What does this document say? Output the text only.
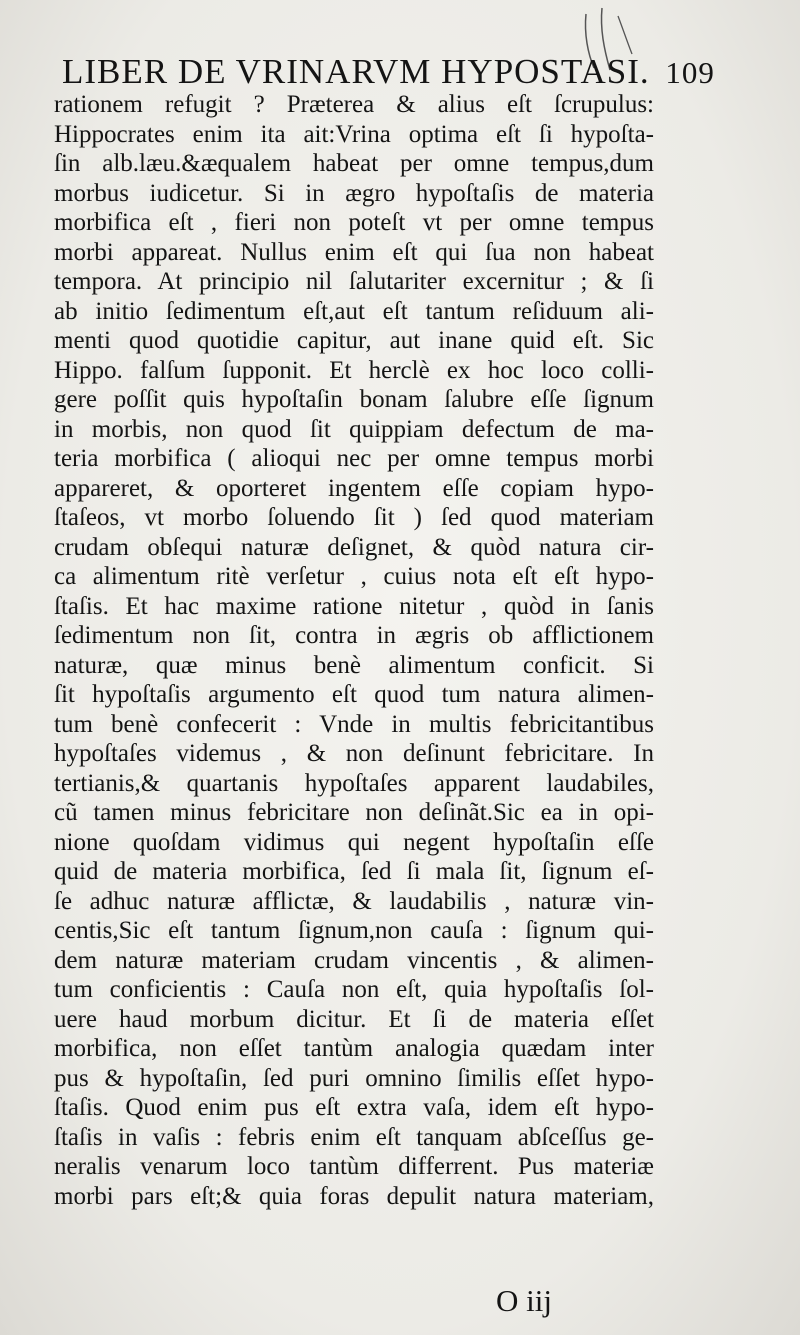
LIBER DE VRINARVM HYPOSTASI. 109
rationem refugit ? Præterea & alius eſt ſcrupulus:
Hippocrates enim ita ait:Vrina optima eſt ſi hypoſta-
ſin alb.læu.&æqualem habeat per omne tempus,dum
morbus iudicetur. Si in ægro hypoſtaſis de materia
morbifica eſt , fieri non poteſt vt per omne tempus
morbi appareat. Nullus enim eſt qui ſua non habeat
tempora. At principio nil ſalutariter excernitur ; & ſi
ab initio ſedimentum eſt,aut eſt tantum reſiduum ali-
menti quod quotidie capitur, aut inane quid eſt. Sic
Hippo. falſum ſupponit. Et herclè ex hoc loco colli-
gere poſſit quis hypoſtaſin bonam ſalubre eſſe ſignum
in morbis, non quod ſit quippiam defectum de ma-
teria morbifica ( alioqui nec per omne tempus morbi
appareret, & oporteret ingentem eſſe copiam hypo-
ſtaſeos, vt morbo ſoluendo ſit ) ſed quod materiam
crudam obſequi naturæ deſignet, & quòd natura cir-
ca alimentum ritè verſetur , cuius nota eſt eſt hypo-
ſtaſis. Et hac maxime ratione nitetur , quòd in ſanis
ſedimentum non ſit, contra in ægris ob afflictionem
naturæ, quæ minus benè alimentum conficit. Si
ſit hypoſtaſis argumento eſt quod tum natura alimen-
tum benè confecerit : Vnde in multis febricitantibus
hypoſtaſes videmus , & non deſinunt febricitare. In
tertianis,& quartanis hypoſtaſes apparent laudabiles,
cũ tamen minus febricitare non deſinãt.Sic ea in opi-
nione quoſdam vidimus qui negent hypoſtaſin eſſe
quid de materia morbifica, ſed ſi mala ſit, ſignum eſ-
ſe adhuc naturæ afflictæ, & laudabilis , naturæ vin-
centis,Sic eſt tantum ſignum,non cauſa : ſignum qui-
dem naturæ materiam crudam vincentis , & alimen-
tum conficientis : Cauſa non eſt, quia hypoſtaſis ſol-
uere haud morbum dicitur. Et ſi de materia eſſet
morbifica, non eſſet tantùm analogia quædam inter
pus & hypoſtaſin, ſed puri omnino ſimilis eſſet hypo-
ſtaſis. Quod enim pus eſt extra vaſa, idem eſt hypo-
ſtaſis in vaſis : febris enim eſt tanquam abſceſſus ge-
neralis venarum loco tantùm differrent. Pus materiæ
morbi pars eſt;& quia foras depulit natura materiam,
O iij
